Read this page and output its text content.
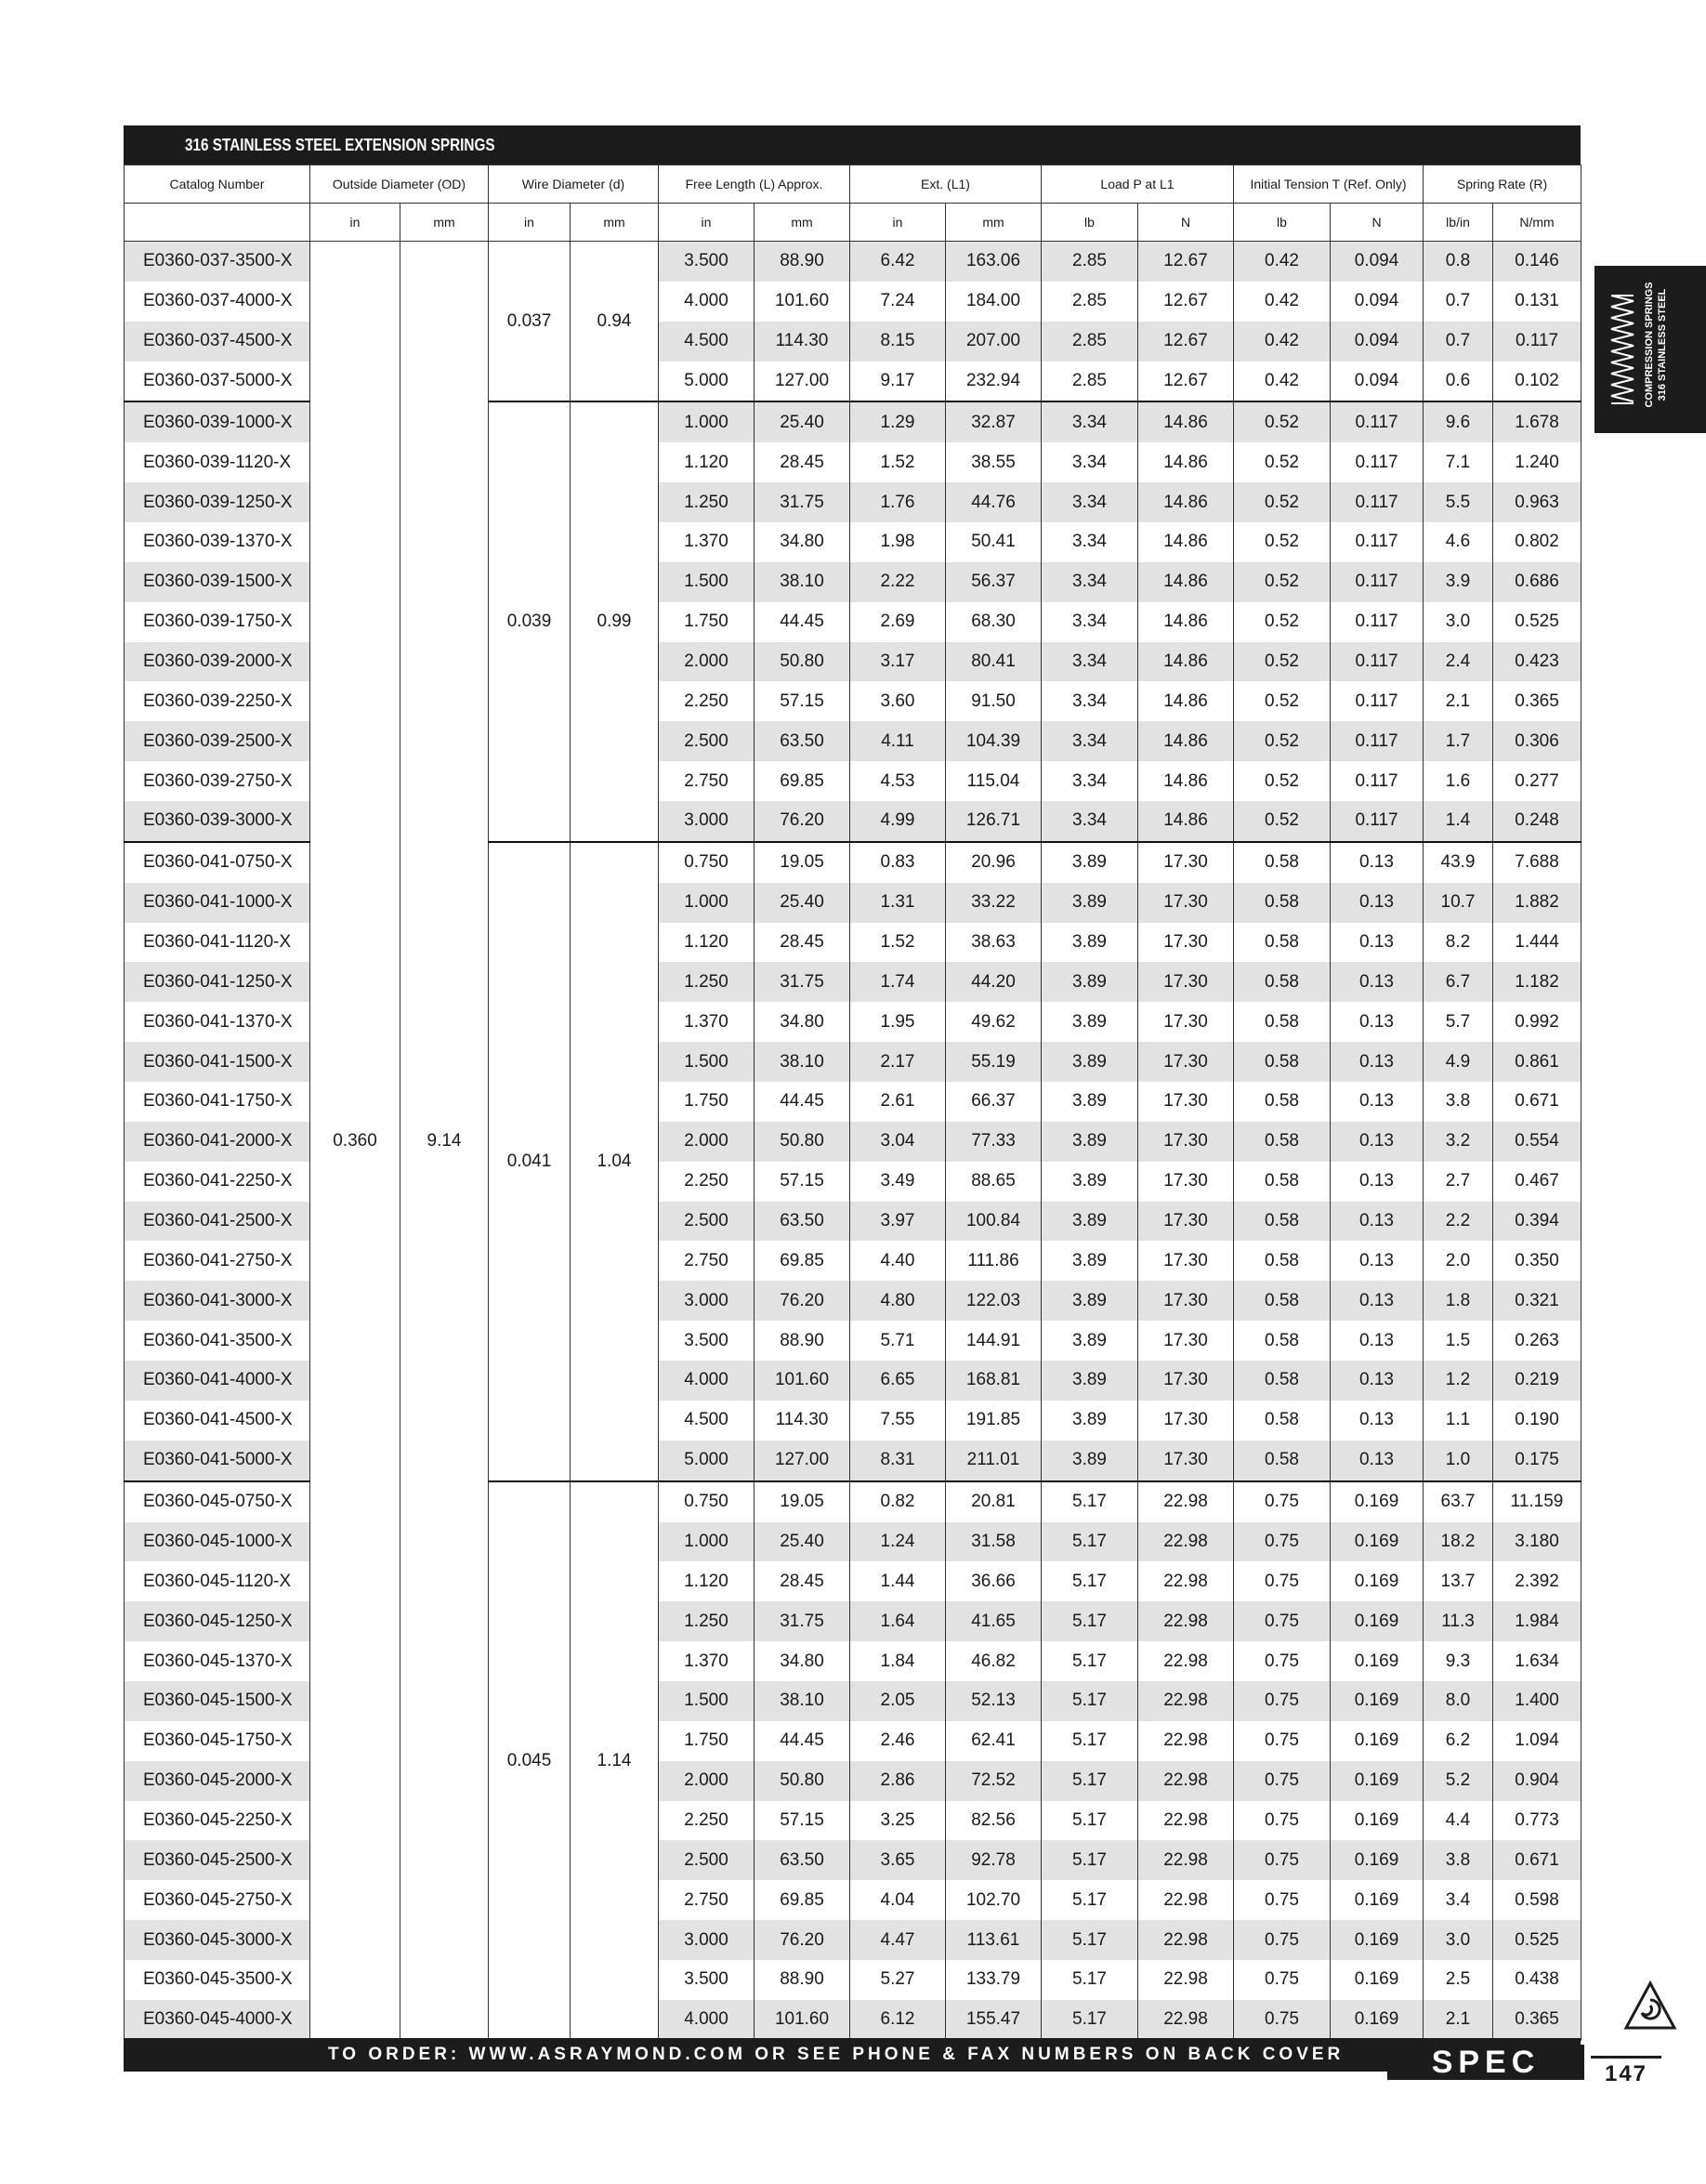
316 STAINLESS STEEL EXTENSION SPRINGS
Catalog Number	Outside Diameter (OD)		Wire Diameter (d)		Free Length (L) Approx.		Ext. (L1)		Load P at L1		Initial Tension T (Ref. Only)		Spring Rate (R)	
	in	mm	in	mm	in	mm	in	mm	lb	N	lb	N	lb/in	N/mm
E0360-037-3500-X	0.360	9.14	0.037	0.94	3.500	88.90	6.42	163.06	2.85	12.67	0.42	0.094	0.8	0.146
E0360-037-4000-X					4.000	101.60	7.24	184.00	2.85	12.67	0.42	0.094	0.7	0.131
E0360-037-4500-X					4.500	114.30	8.15	207.00	2.85	12.67	0.42	0.094	0.7	0.117
E0360-037-5000-X					5.000	127.00	9.17	232.94	2.85	12.67	0.42	0.094	0.6	0.102
E0360-039-1000-X			0.039	0.99	1.000	25.40	1.29	32.87	3.34	14.86	0.52	0.117	9.6	1.678
E0360-039-1120-X					1.120	28.45	1.52	38.55	3.34	14.86	0.52	0.117	7.1	1.240
E0360-039-1250-X					1.250	31.75	1.76	44.76	3.34	14.86	0.52	0.117	5.5	0.963
E0360-039-1370-X					1.370	34.80	1.98	50.41	3.34	14.86	0.52	0.117	4.6	0.802
E0360-039-1500-X					1.500	38.10	2.22	56.37	3.34	14.86	0.52	0.117	3.9	0.686
E0360-039-1750-X					1.750	44.45	2.69	68.30	3.34	14.86	0.52	0.117	3.0	0.525
E0360-039-2000-X					2.000	50.80	3.17	80.41	3.34	14.86	0.52	0.117	2.4	0.423
E0360-039-2250-X					2.250	57.15	3.60	91.50	3.34	14.86	0.52	0.117	2.1	0.365
E0360-039-2500-X					2.500	63.50	4.11	104.39	3.34	14.86	0.52	0.117	1.7	0.306
E0360-039-2750-X					2.750	69.85	4.53	115.04	3.34	14.86	0.52	0.117	1.6	0.277
E0360-039-3000-X					3.000	76.20	4.99	126.71	3.34	14.86	0.52	0.117	1.4	0.248
E0360-041-0750-X			0.041	1.04	0.750	19.05	0.83	20.96	3.89	17.30	0.58	0.13	43.9	7.688
E0360-041-1000-X					1.000	25.40	1.31	33.22	3.89	17.30	0.58	0.13	10.7	1.882
E0360-041-1120-X					1.120	28.45	1.52	38.63	3.89	17.30	0.58	0.13	8.2	1.444
E0360-041-1250-X					1.250	31.75	1.74	44.20	3.89	17.30	0.58	0.13	6.7	1.182
E0360-041-1370-X					1.370	34.80	1.95	49.62	3.89	17.30	0.58	0.13	5.7	0.992
E0360-041-1500-X					1.500	38.10	2.17	55.19	3.89	17.30	0.58	0.13	4.9	0.861
E0360-041-1750-X					1.750	44.45	2.61	66.37	3.89	17.30	0.58	0.13	3.8	0.671
E0360-041-2000-X					2.000	50.80	3.04	77.33	3.89	17.30	0.58	0.13	3.2	0.554
E0360-041-2250-X					2.250	57.15	3.49	88.65	3.89	17.30	0.58	0.13	2.7	0.467
E0360-041-2500-X					2.500	63.50	3.97	100.84	3.89	17.30	0.58	0.13	2.2	0.394
E0360-041-2750-X					2.750	69.85	4.40	111.86	3.89	17.30	0.58	0.13	2.0	0.350
E0360-041-3000-X					3.000	76.20	4.80	122.03	3.89	17.30	0.58	0.13	1.8	0.321
E0360-041-3500-X					3.500	88.90	5.71	144.91	3.89	17.30	0.58	0.13	1.5	0.263
E0360-041-4000-X					4.000	101.60	6.65	168.81	3.89	17.30	0.58	0.13	1.2	0.219
E0360-041-4500-X					4.500	114.30	7.55	191.85	3.89	17.30	0.58	0.13	1.1	0.190
E0360-041-5000-X					5.000	127.00	8.31	211.01	3.89	17.30	0.58	0.13	1.0	0.175
E0360-045-0750-X			0.045	1.14	0.750	19.05	0.82	20.81	5.17	22.98	0.75	0.169	63.7	11.159
E0360-045-1000-X					1.000	25.40	1.24	31.58	5.17	22.98	0.75	0.169	18.2	3.180
E0360-045-1120-X					1.120	28.45	1.44	36.66	5.17	22.98	0.75	0.169	13.7	2.392
E0360-045-1250-X					1.250	31.75	1.64	41.65	5.17	22.98	0.75	0.169	11.3	1.984
E0360-045-1370-X					1.370	34.80	1.84	46.82	5.17	22.98	0.75	0.169	9.3	1.634
E0360-045-1500-X					1.500	38.10	2.05	52.13	5.17	22.98	0.75	0.169	8.0	1.400
E0360-045-1750-X					1.750	44.45	2.46	62.41	5.17	22.98	0.75	0.169	6.2	1.094
E0360-045-2000-X					2.000	50.80	2.86	72.52	5.17	22.98	0.75	0.169	5.2	0.904
E0360-045-2250-X					2.250	57.15	3.25	82.56	5.17	22.98	0.75	0.169	4.4	0.773
E0360-045-2500-X					2.500	63.50	3.65	92.78	5.17	22.98	0.75	0.169	3.8	0.671
E0360-045-2750-X					2.750	69.85	4.04	102.70	5.17	22.98	0.75	0.169	3.4	0.598
E0360-045-3000-X					3.000	76.20	4.47	113.61	5.17	22.98	0.75	0.169	3.0	0.525
E0360-045-3500-X					3.500	88.90	5.27	133.79	5.17	22.98	0.75	0.169	2.5	0.438
E0360-045-4000-X					4.000	101.60	6.12	155.47	5.17	22.98	0.75	0.169	2.1	0.365
COMPRESSION SPRINGS 316 STAINLESS STEEL
TO ORDER: WWW.ASRAYMOND.COM OR SEE PHONE & FAX NUMBERS ON BACK COVER	SPEC	147
